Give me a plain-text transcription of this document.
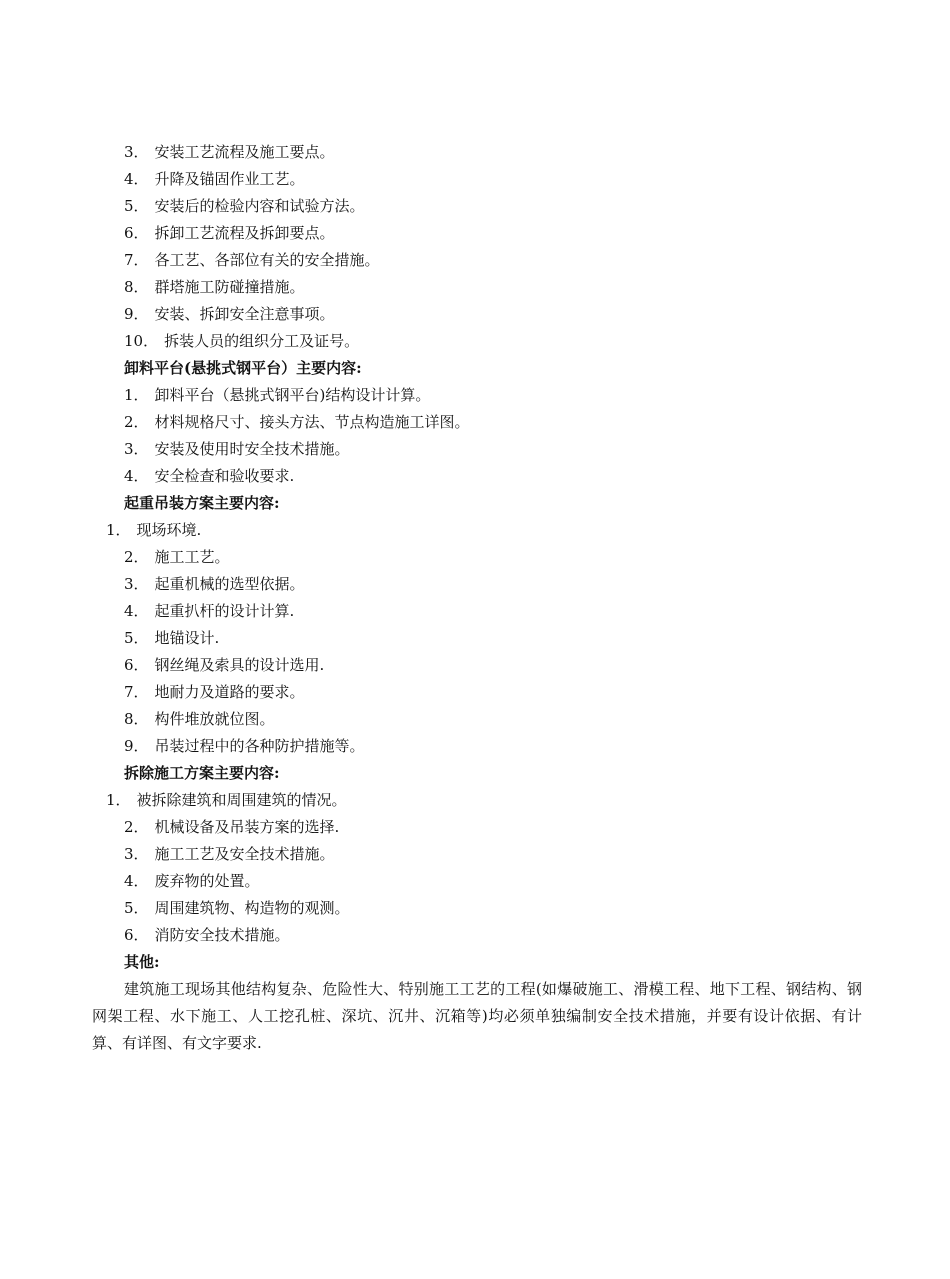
3． 安装工艺流程及施工要点。
4． 升降及锚固作业工艺。
5． 安装后的检验内容和试验方法。
6． 拆卸工艺流程及拆卸要点。
7． 各工艺、各部位有关的安全措施。
8． 群塔施工防碰撞措施。
9． 安装、拆卸安全注意事项。
10． 拆装人员的组织分工及证号。
卸料平台(悬挑式钢平台）主要内容:
1． 卸料平台（悬挑式钢平台)结构设计计算。
2． 材料规格尺寸、接头方法、节点构造施工详图。
3． 安装及使用时安全技术措施。
4． 安全检查和验收要求.
起重吊装方案主要内容:
1． 现场环境.
2． 施工工艺。
3． 起重机械的选型依据。
4． 起重扒杆的设计计算.
5． 地锚设计.
6． 钢丝绳及索具的设计选用.
7． 地耐力及道路的要求。
8． 构件堆放就位图。
9． 吊装过程中的各种防护措施等。
拆除施工方案主要内容:
1． 被拆除建筑和周围建筑的情况。
2． 机械设备及吊装方案的选择.
3． 施工工艺及安全技术措施。
4． 废弃物的处置。
5． 周围建筑物、构造物的观测。
6． 消防安全技术措施。
其他:

建筑施工现场其他结构复杂、危险性大、特别施工工艺的工程(如爆破施工、滑模工程、地下工程、钢结构、钢网架工程、水下施工、人工挖孔桩、深坑、沉井、沉箱等)均必须单独编制安全技术措施，并要有设计依据、有计算、有详图、有文字要求.
